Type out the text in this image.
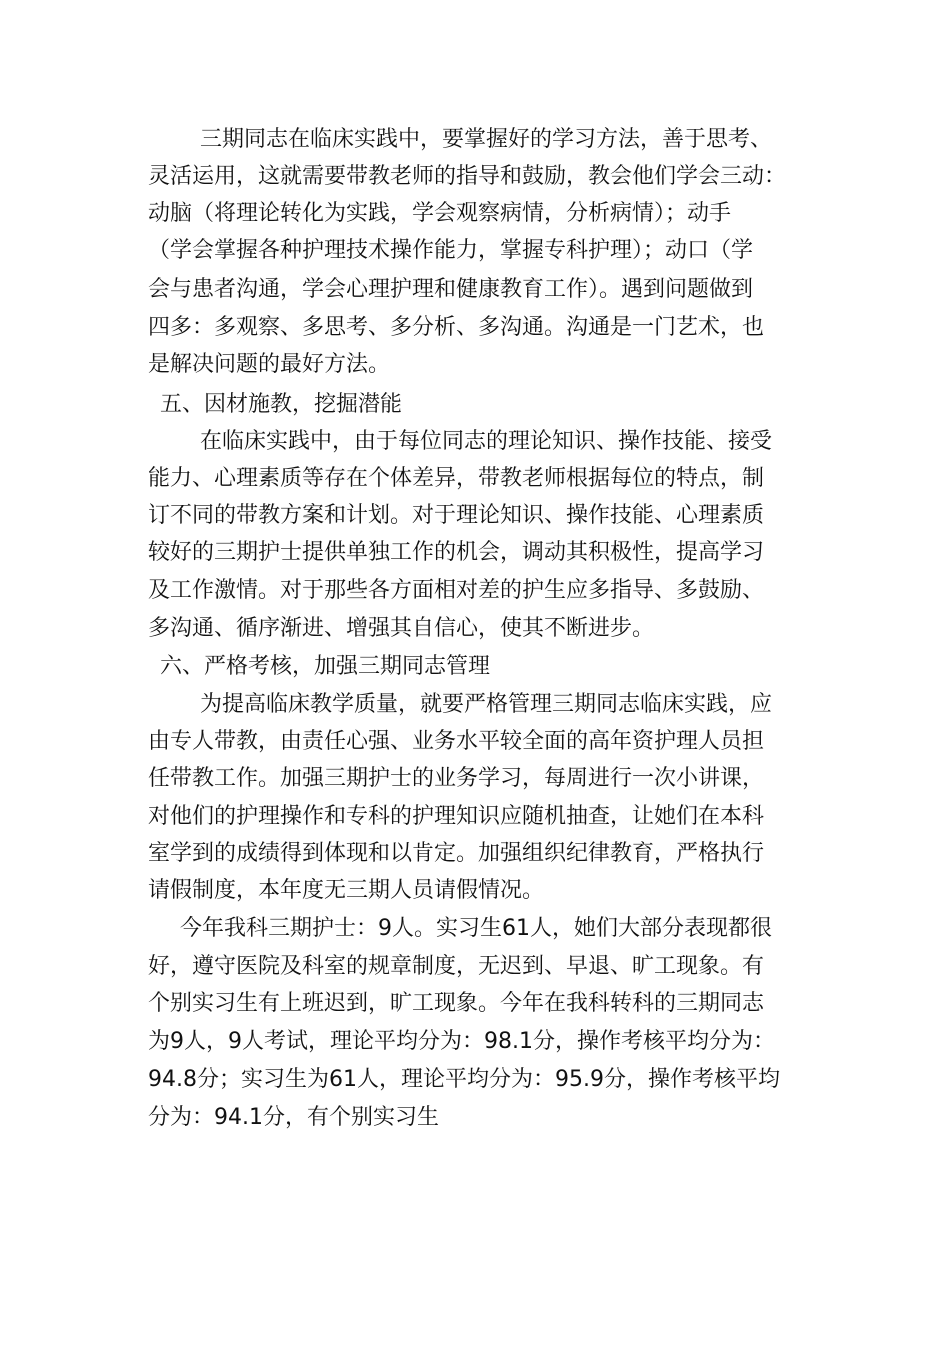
三期同志在临床实践中，要掌握好的学习方法，善于思考、
灵活运用，这就需要带教老师的指导和鼓励，教会他们学会三动：
动脑（将理论转化为实践，学会观察病情，分析病情）；动手
（学会掌握各种护理技术操作能力，掌握专科护理）；动口（学
会与患者沟通，学会心理护理和健康教育工作）。遇到问题做到
四多：多观察、多思考、多分析、多沟通。沟通是一门艺术，也
是解决问题的最好方法。
五、因材施教，挖掘潜能
在临床实践中，由于每位同志的理论知识、操作技能、接受
能力、心理素质等存在个体差异，带教老师根据每位的特点，制
订不同的带教方案和计划。对于理论知识、操作技能、心理素质
较好的三期护士提供单独工作的机会，调动其积极性，提高学习
及工作激情。对于那些各方面相对差的护生应多指导、多鼓励、
多沟通、循序渐进、增强其自信心，使其不断进步。
六、严格考核，加强三期同志管理
为提高临床教学质量，就要严格管理三期同志临床实践，应
由专人带教，由责任心强、业务水平较全面的高年资护理人员担
任带教工作。加强三期护士的业务学习，每周进行一次小讲课，
对他们的护理操作和专科的护理知识应随机抽查，让她们在本科
室学到的成绩得到体现和以肯定。加强组织纪律教育，严格执行
请假制度，本年度无三期人员请假情况。
今年我科三期护士：9人。实习生61人，她们大部分表现都很
好，遵守医院及科室的规章制度，无迟到、早退、旷工现象。有
个别实习生有上班迟到，旷工现象。今年在我科转科的三期同志
为9人，9人考试，理论平均分为：98.1分，操作考核平均分为：
94.8分；实习生为61人，理论平均分为：95.9分，操作考核平均
分为：94.1分，有个别实习生
